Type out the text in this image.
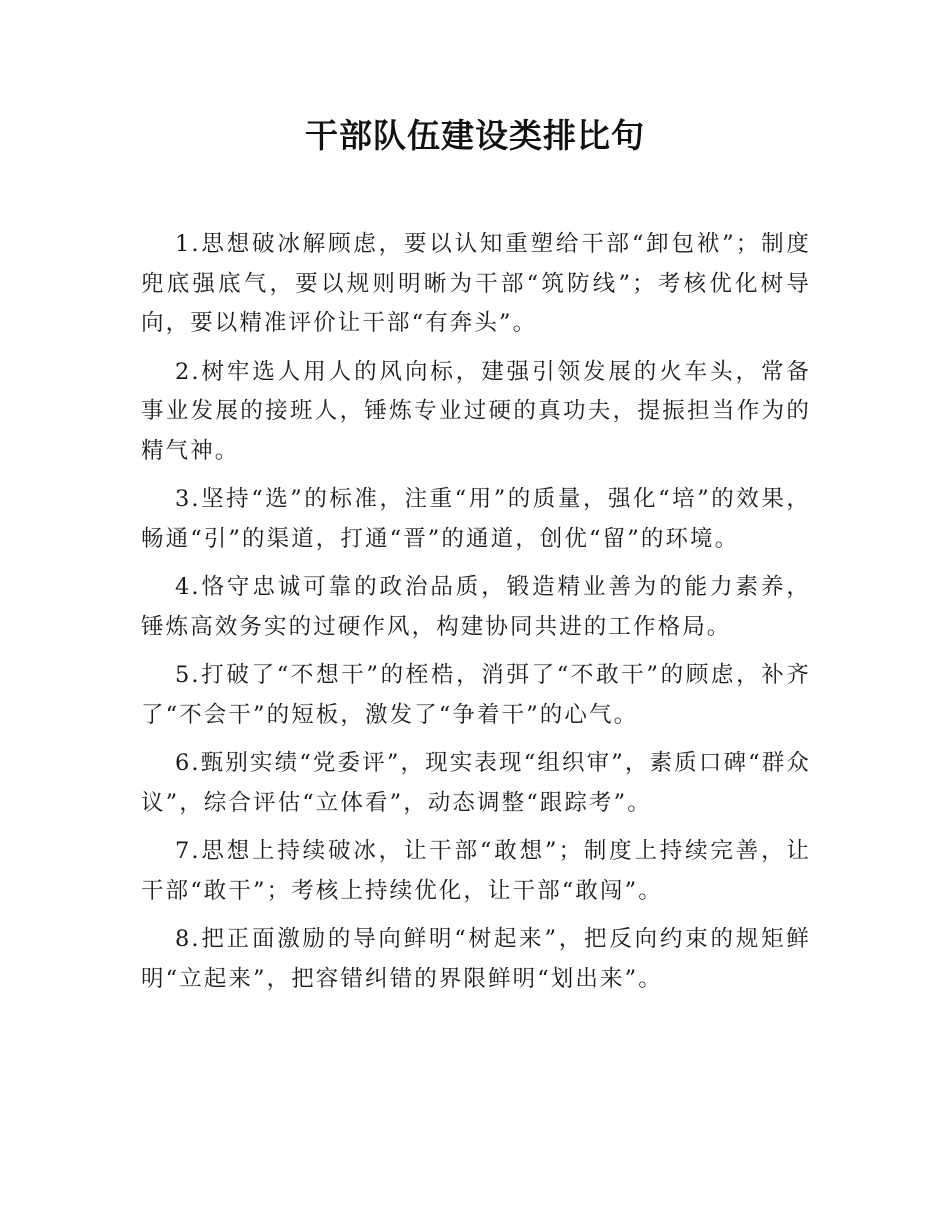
干部队伍建设类排比句

1.思想破冰解顾虑，要以认知重塑给干部“卸包袱”；制度兜底强底气，要以规则明晰为干部“筑防线”；考核优化树导向，要以精准评价让干部“有奔头”。

2.树牢选人用人的风向标，建强引领发展的火车头，常备事业发展的接班人，锤炼专业过硬的真功夫，提振担当作为的精气神。

3.坚持“选”的标准，注重“用”的质量，强化“培”的效果，畅通“引”的渠道，打通“晋”的通道，创优“留”的环境。

4.恪守忠诚可靠的政治品质，锻造精业善为的能力素养，锤炼高效务实的过硬作风，构建协同共进的工作格局。

5.打破了“不想干”的桎梏，消弭了“不敢干”的顾虑，补齐了“不会干”的短板，激发了“争着干”的心气。

6.甄别实绩“党委评”，现实表现“组织审”，素质口碑“群众议”，综合评估“立体看”，动态调整“跟踪考”。

7.思想上持续破冰，让干部“敢想”；制度上持续完善，让干部“敢干”；考核上持续优化，让干部“敢闯”。

8.把正面激励的导向鲜明“树起来”，把反向约束的规矩鲜明“立起来”，把容错纠错的界限鲜明“划出来”。
